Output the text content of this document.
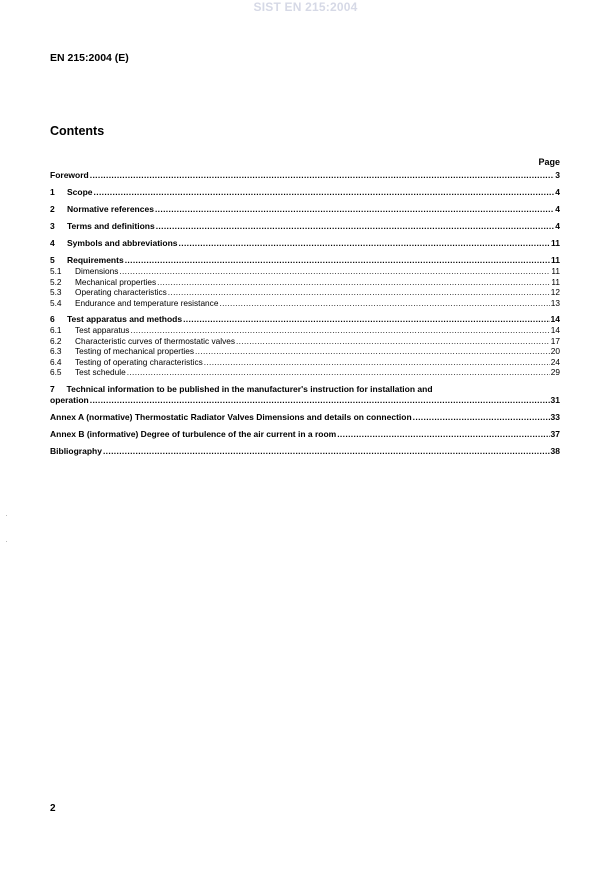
SIST EN 215:2004
EN 215:2004 (E)
Contents
Page
Foreword .....	3
1	Scope .....	4
2	Normative references .....	4
3	Terms and definitions .....	4
4	Symbols and abbreviations .....	11
5	Requirements .....	11
5.1	Dimensions .....	11
5.2	Mechanical properties .....	11
5.3	Operating characteristics .....	12
5.4	Endurance and temperature resistance .....	13
6	Test apparatus and methods .....	14
6.1	Test apparatus .....	14
6.2	Characteristic curves of thermostatic valves .....	17
6.3	Testing of mechanical properties .....	20
6.4	Testing of operating characteristics .....	24
6.5	Test schedule .....	29
7     Technical information to be published in the manufacturer's instruction for installation and
operation .....	31
Annex A (normative) Thermostatic Radiator Valves Dimensions and details on connection .....	33
Annex B (informative) Degree of turbulence of the air current in a room .....	37
Bibliography .....	38
2
